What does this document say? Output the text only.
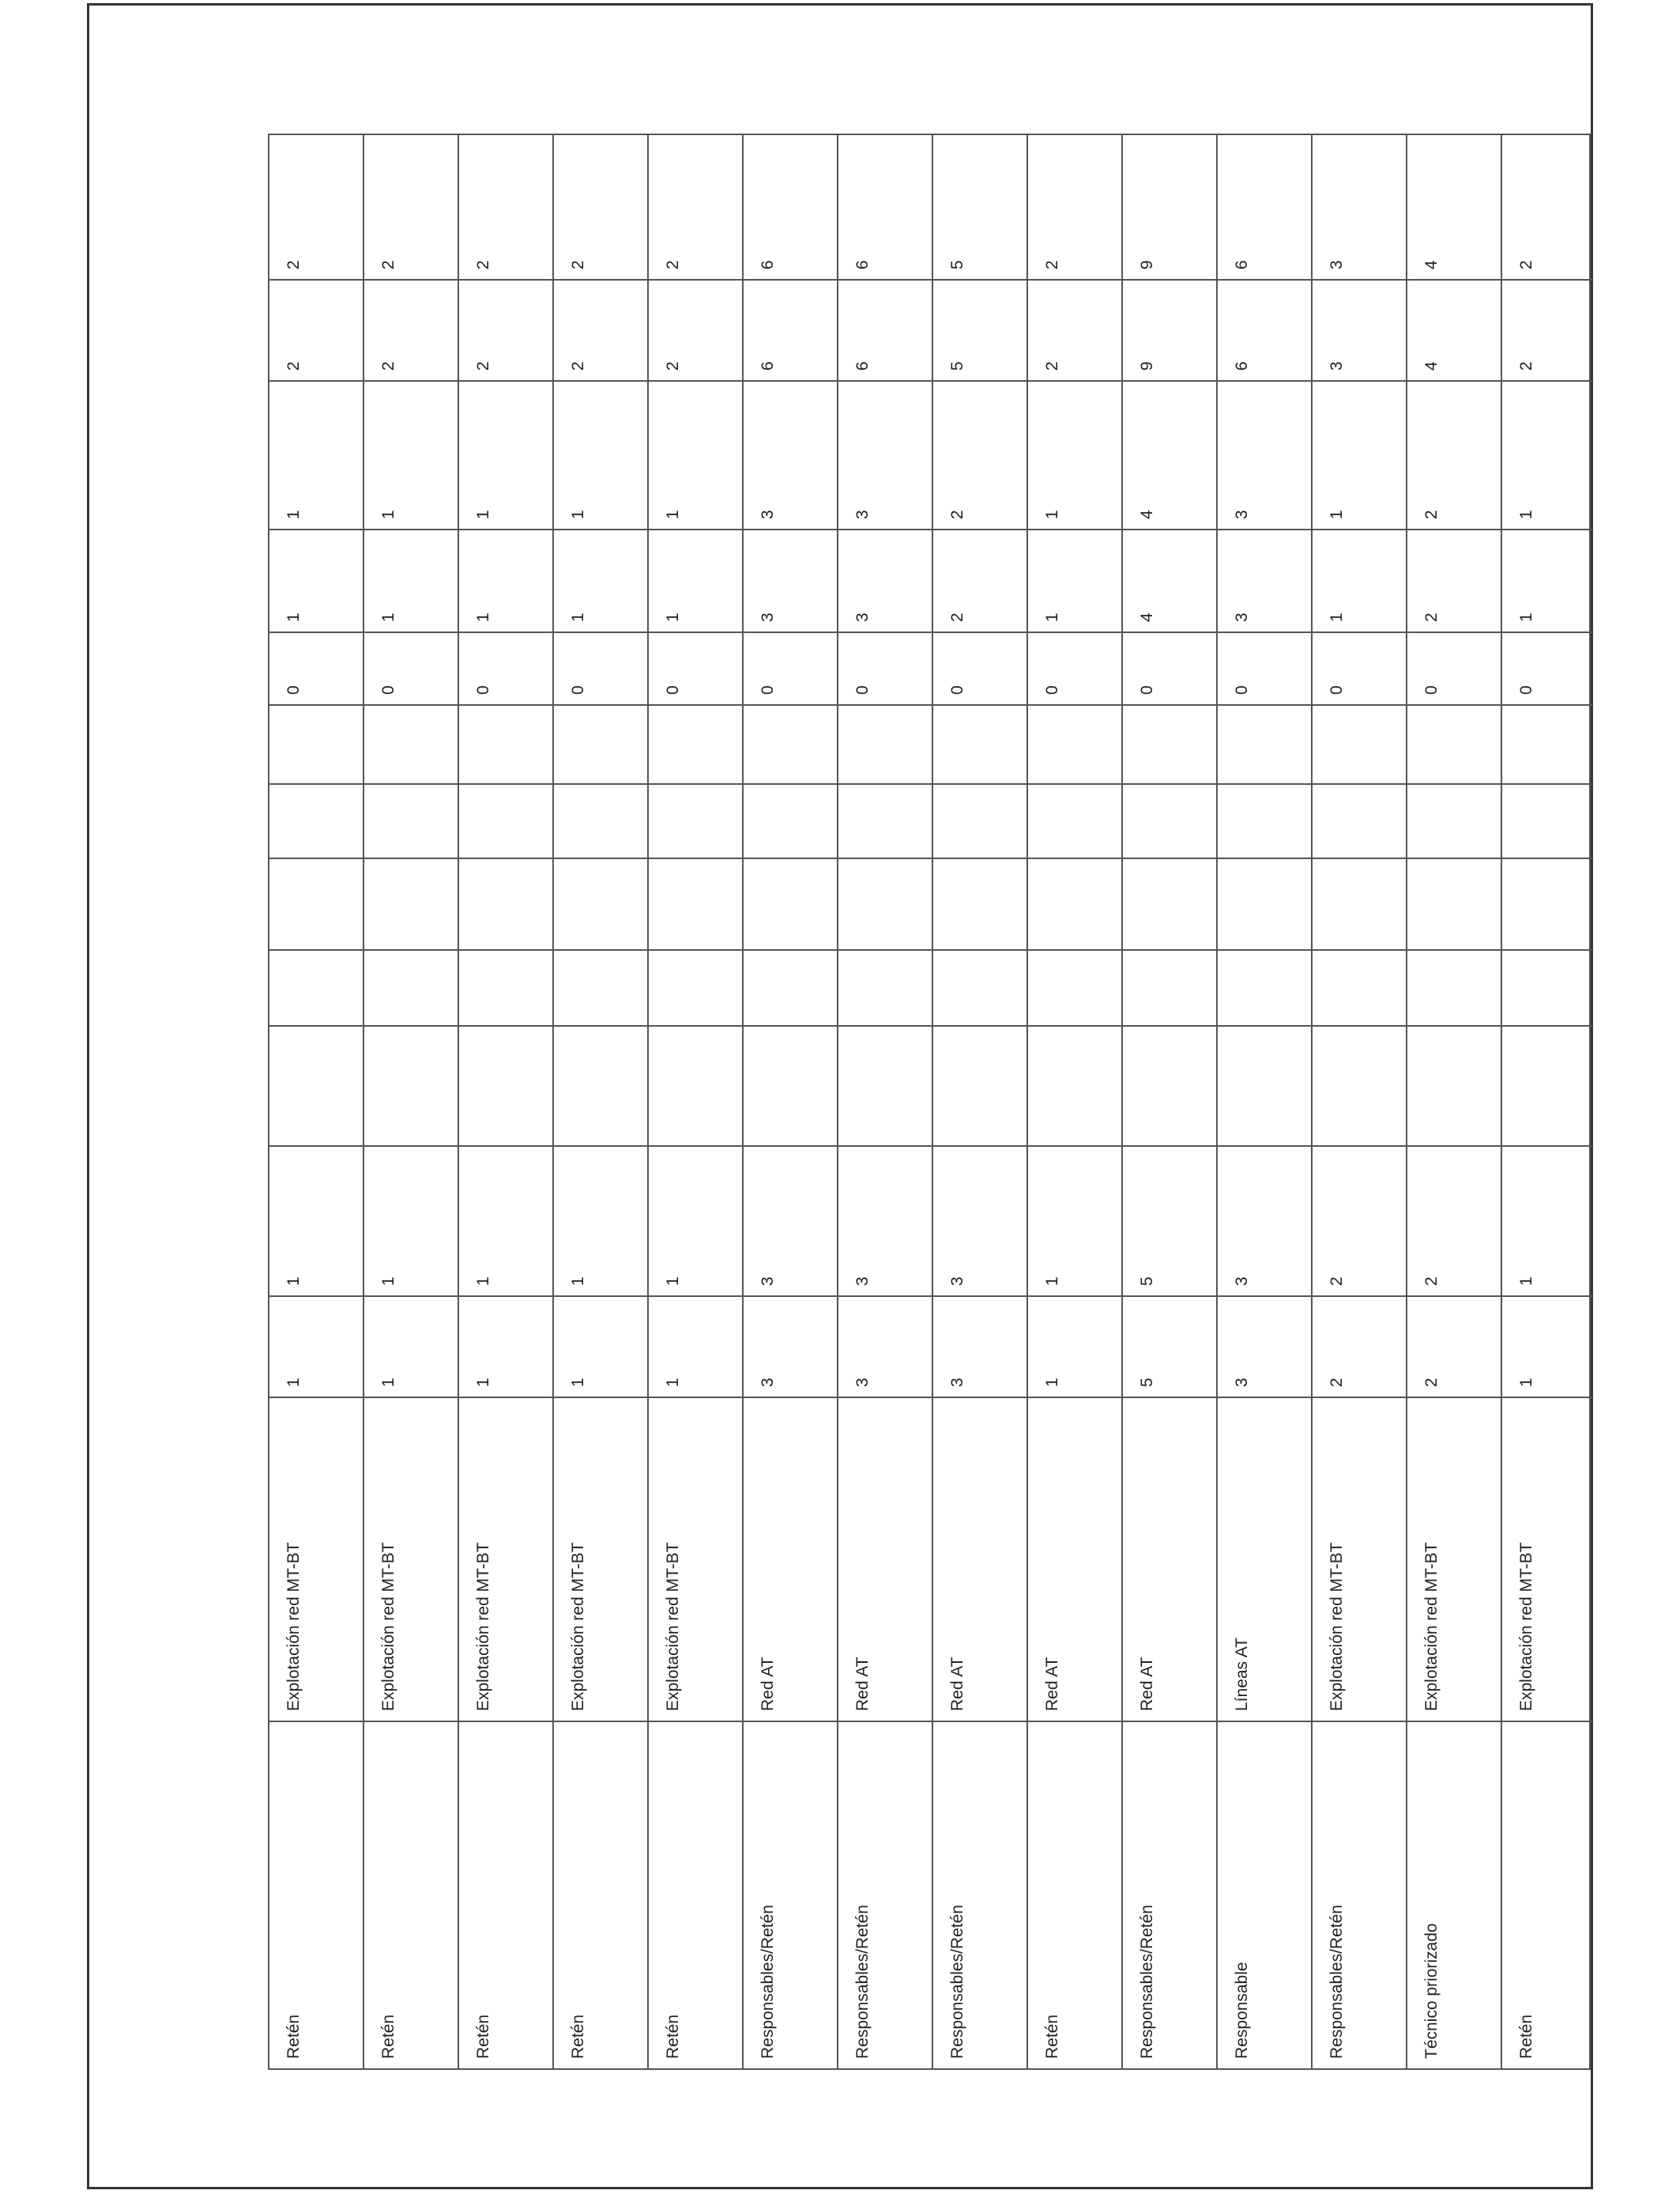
Retén
Explotación red MT-BT
1
1
0
1
1
2
2
Retén
Explotación red MT-BT
1
1
0
1
1
2
2
Retén
Explotación red MT-BT
1
1
0
1
1
2
2
Retén
Explotación red MT-BT
1
1
0
1
1
2
2
Retén
Explotación red MT-BT
1
1
0
1
1
2
2
Responsables/Retén
Red AT
3
3
0
3
3
6
6
Responsables/Retén
Red AT
3
3
0
3
3
6
6
Responsables/Retén
Red AT
3
3
0
2
2
5
5
Retén
Red AT
1
1
0
1
1
2
2
Responsables/Retén
Red AT
5
5
0
4
4
9
9
Responsable
Líneas AT
3
3
0
3
3
6
6
Responsables/Retén
Explotación red MT-BT
2
2
0
1
1
3
3
Técnico priorizado
Explotación red MT-BT
2
2
0
2
2
4
4
Retén
Explotación red MT-BT
1
1
0
1
1
2
2
